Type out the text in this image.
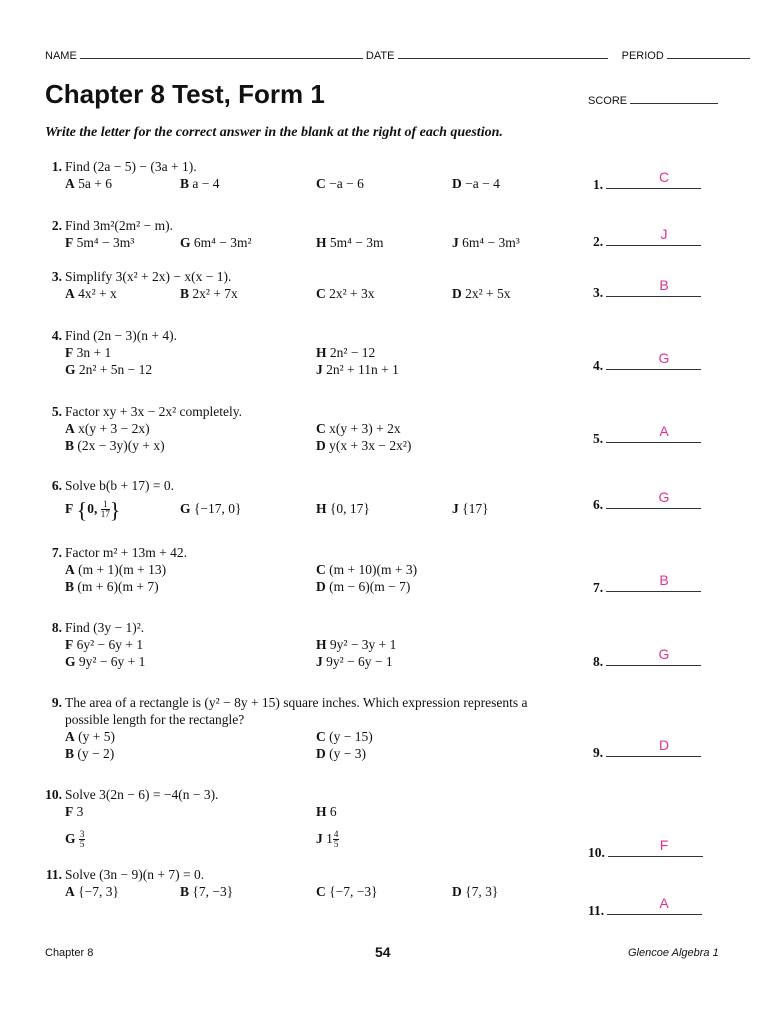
NAME	DATE	PERIOD
Chapter 8 Test, Form 1	SCORE
Write the letter for the correct answer in the blank at the right of each question.
1. Find (2a − 5) − (3a + 1).
A 5a + 6	B a − 4	C −a − 6	D −a − 4	1.	C
2. Find 3m²(2m² − m).
F 5m⁴ − 3m³	G 6m⁴ − 3m²	H 5m⁴ − 3m	J 6m⁴ − 3m³	2.	J
3. Simplify 3(x² + 2x) − x(x − 1).
A 4x² + x	B 2x² + 7x	C 2x² + 3x	D 2x² + 5x	3.	B
4. Find (2n − 3)(n + 4).
F 3n + 1	H 2n² − 12
G 2n² + 5n − 12	J 2n² + 11n + 1	4.	G
5. Factor xy + 3x − 2x² completely.
A x(y + 3 − 2x)	C x(y + 3) + 2x
B (2x − 3y)(y + x)	D y(x + 3x − 2x²)	5.	A
6. Solve b(b + 17) = 0.
F {0, $\frac{1}{17}$ }	G {−17, 0}	H {0, 17}	J {17}	6.	G
7. Factor m² + 13m + 42.
A (m + 1)(m + 13)	C (m + 10)(m + 3)
B (m + 6)(m + 7)	D (m − 6)(m − 7)	7.	B
8. Find (3y − 1)².
F 6y² − 6y + 1	H 9y² − 3y + 1
G 9y² − 6y + 1	J 9y² − 6y − 1	8.	G
9. The area of a rectangle is (y² − 8y + 15) square inches. Which expression represents a
possible length for the rectangle?
A (y + 5)	C (y − 15)
B (y − 2)	D (y − 3)	9.	D
10. Solve 3(2n − 6) = −4(n − 3).
F 3	H 6
G $\frac{3}{5}$	J $1 \frac{4}{5}$
10.	F
11. Solve (3n − 9)(n + 7) = 0.
A {−7, 3}	B {7, −3}	C {−7, −3}	D {7, 3}
11.	A
Chapter 8	54	Glencoe Algebra 1
